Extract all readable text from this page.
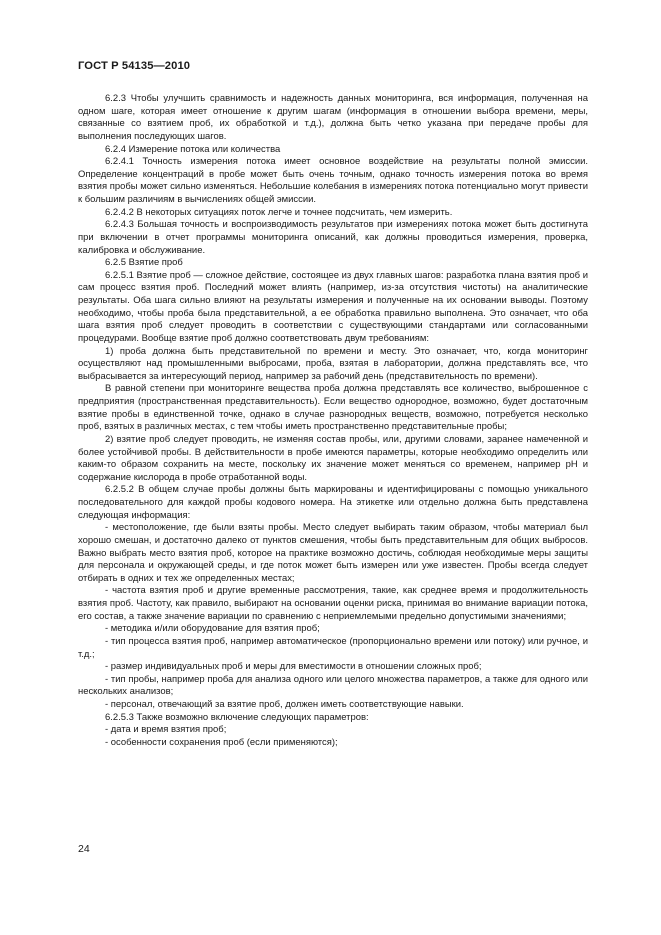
ГОСТ Р 54135—2010

6.2.3 Чтобы улучшить сравнимость и надежность данных мониторинга, вся информация, полученная на одном шаге, которая имеет отношение к другим шагам (информация в отношении выбора времени, меры, связанные со взятием проб, их обработкой и т.д.), должна быть четко указана при передаче пробы для выполнения последующих шагов.

6.2.4 Измерение потока или количества

6.2.4.1 Точность измерения потока имеет основное воздействие на результаты полной эмиссии. Определение концентраций в пробе может быть очень точным, однако точность измерения потока во время взятия пробы может сильно изменяться. Небольшие колебания в измерениях потока потенциально могут привести к большим различиям в вычислениях общей эмиссии.

6.2.4.2 В некоторых ситуациях поток легче и точнее подсчитать, чем измерить.

6.2.4.3 Большая точность и воспроизводимость результатов при измерениях потока может быть достигнута при включении в отчет программы мониторинга описаний, как должны проводиться измерения, проверка, калибровка и обслуживание.

6.2.5 Взятие проб

6.2.5.1 Взятие проб — сложное действие, состоящее из двух главных шагов: разработка плана взятия проб и сам процесс взятия проб. Последний может влиять (например, из-за отсутствия чистоты) на аналитические результаты. Оба шага сильно влияют на результаты измерения и полученные на их основании выводы. Поэтому необходимо, чтобы проба была представительной, а ее обработка правильно выполнена. Это означает, что оба шага взятия проб следует проводить в соответствии с существующими стандартами или согласованными процедурами. Вообще взятие проб должно соответствовать двум требованиям:

1) проба должна быть представительной по времени и месту. Это означает, что, когда мониторинг осуществляют над промышленными выбросами, проба, взятая в лаборатории, должна представлять все, что выбрасывается за интересующий период, например за рабочий день (представительность по времени).

В равной степени при мониторинге вещества проба должна представлять все количество, выброшенное с предприятия (пространственная представительность). Если вещество однородное, возможно, будет достаточным взятие пробы в единственной точке, однако в случае разнородных веществ, возможно, потребуется несколько проб, взятых в различных местах, с тем чтобы иметь пространственно представительные пробы;

2) взятие проб следует проводить, не изменяя состав пробы, или, другими словами, заранее намеченной и более устойчивой пробы. В действительности в пробе имеются параметры, которые необходимо определить или каким-то образом сохранить на месте, поскольку их значение может меняться со временем, например pH и содержание кислорода в пробе отработанной воды.

6.2.5.2 В общем случае пробы должны быть маркированы и идентифицированы с помощью уникального последовательного для каждой пробы кодового номера. На этикетке или отдельно должна быть представлена следующая информация:

- местоположение, где были взяты пробы. Место следует выбирать таким образом, чтобы материал был хорошо смешан, и достаточно далеко от пунктов смешения, чтобы быть представительным для общих выбросов. Важно выбрать место взятия проб, которое на практике возможно достичь, соблюдая необходимые меры защиты для персонала и окружающей среды, и где поток может быть измерен или уже известен. Пробы всегда следует отбирать в одних и тех же определенных местах;

- частота взятия проб и другие временные рассмотрения, такие, как среднее время и продолжительность взятия проб. Частоту, как правило, выбирают на основании оценки риска, принимая во внимание вариации потока, его состав, а также значение вариации по сравнению с неприемлемыми предельно допустимыми значениями;

- методика и/или оборудование для взятия проб;

- тип процесса взятия проб, например автоматическое (пропорционально времени или потоку) или ручное, и т.д.;

- размер индивидуальных проб и меры для вместимости в отношении сложных проб;

- тип пробы, например проба для анализа одного или целого множества параметров, а также для одного или нескольких анализов;

- персонал, отвечающий за взятие проб, должен иметь соответствующие навыки.

6.2.5.3 Также возможно включение следующих параметров:

- дата и время взятия проб;

- особенности сохранения проб (если применяются);

24
